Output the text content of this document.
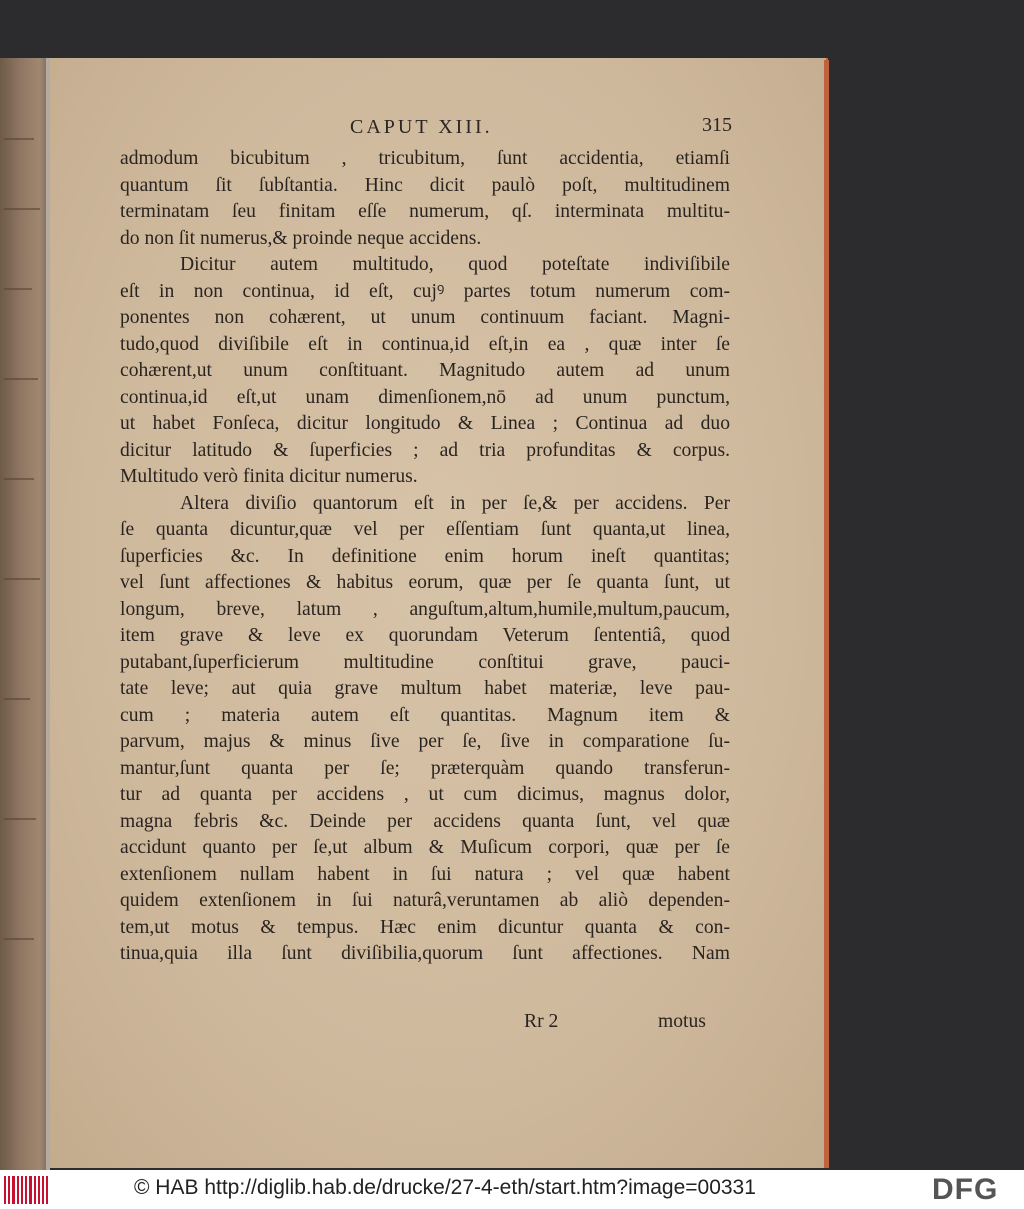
CAPUT XIII.	315
admodum bicubitum , tricubitum, ſunt accidentia, etiamſi
quantum ſit ſubſtantia. Hinc dicit paulò poſt, multitudinem
terminatam ſeu finitam eſſe numerum, qſ. interminata multitu-
do non ſit numerus,& proinde neque accidens.
Dicitur autem multitudo, quod poteſtate indiviſibile
eſt in non continua, id eſt, cujꝰ partes totum numerum com-
ponentes non cohærent, ut unum continuum faciant. Magni-
tudo,quod diviſibile eſt in continua,id eſt,in ea , quæ inter ſe
cohærent,ut unum conſtituant. Magnitudo autem ad unum
continua,id eſt,ut unam dimenſionem,nō ad unum punctum,
ut habet Fonſeca, dicitur longitudo & Linea ; Continua ad duo
dicitur latitudo & ſuperficies ; ad tria profunditas & corpus.
Multitudo verò finita dicitur numerus.
Altera diviſio quantorum eſt in per ſe,& per accidens. Per
ſe quanta dicuntur,quæ vel per eſſentiam ſunt quanta,ut linea,
ſuperficies &c. In definitione enim horum ineſt quantitas;
vel ſunt affectiones & habitus eorum, quæ per ſe quanta ſunt, ut
longum, breve, latum , anguſtum,altum,humile,multum,paucum,
item grave & leve ex quorundam Veterum ſententiâ, quod
putabant,ſuperficierum multitudine conſtitui grave, pauci-
tate leve; aut quia grave multum habet materiæ, leve pau-
cum ; materia autem eſt quantitas. Magnum item &
parvum, majus & minus ſive per ſe, ſive in comparatione ſu-
mantur,ſunt quanta per ſe; præterquàm quando transferun-
tur ad quanta per accidens , ut cum dicimus, magnus dolor,
magna febris &c. Deinde per accidens quanta ſunt, vel quæ
accidunt quanto per ſe,ut album & Muſicum corpori, quæ per ſe
extenſionem nullam habent in ſui natura ; vel quæ habent
quidem extenſionem in ſui naturâ,veruntamen ab aliò dependen-
tem,ut motus & tempus. Hæc enim dicuntur quanta & con-
tinua,quia illa ſunt diviſibilia,quorum ſunt affectiones. Nam
Rr 2	motus
© HAB http://diglib.hab.de/drucke/27-4-eth/start.htm?image=00331	DFG
